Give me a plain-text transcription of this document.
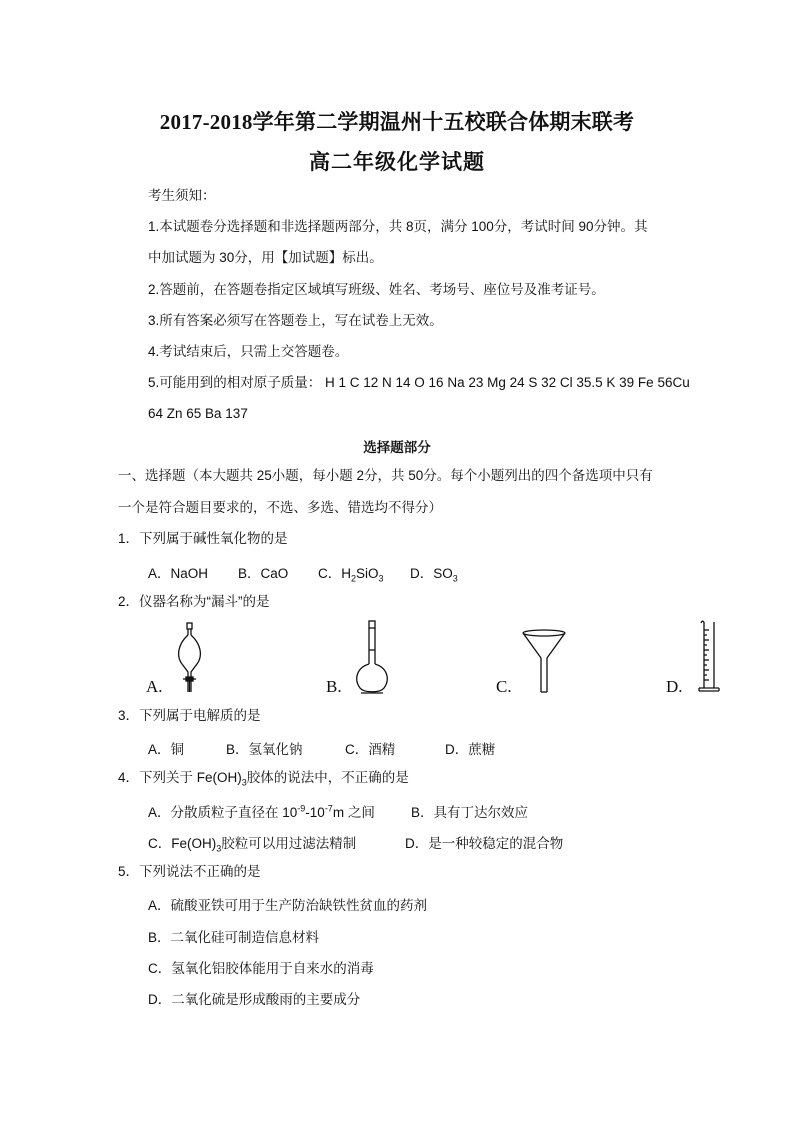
2017-2018学年第二学期温州十五校联合体期末联考
高二年级化学试题
考生须知：
1.本试题卷分选择题和非选择题两部分，共 8页，满分 100分，考试时间 90分钟。其
中加试题为 30分，用【加试题】标出。
2.答题前，在答题卷指定区域填写班级、姓名、考场号、座位号及准考证号。
3.所有答案必须写在答题卷上，写在试卷上无效。
4.考试结束后，只需上交答题卷。
5.可能用到的相对原子质量： H 1 C 12 N 14 O 16 Na 23 Mg 24 S 32 Cl 35.5 K 39 Fe 56Cu
64 Zn 65 Ba 137
选择题部分
一、选择题（本大题共 25小题，每小题 2分，共 50分。每个小题列出的四个备选项中只有
一个是符合题目要求的，不选、多选、错选均不得分）
1．下列属于碱性氧化物的是
A．NaOH B．CaO C．$H_2SiO_3$ D．$SO_3$
2．仪器名称为“漏斗”的是
A.	B.	C.	D.
3．下列属于电解质的是
A．铜	B．氢氧化钠	C．酒精	D．蔗糖
4．下列关于 $Fe(OH)_3$胶体的说法中，不正确的是
A．分散质粒子直径在 $10^{-9}-10^{-7}m$ 之间	B．具有丁达尔效应
C．$Fe(OH)_3$胶粒可以用过滤法精制	D．是一种较稳定的混合物
5．下列说法不正确的是
A．硫酸亚铁可用于生产防治缺铁性贫血的药剂
B．二氧化硅可制造信息材料
C．氢氧化铝胶体能用于自来水的消毒
D．二氧化硫是形成酸雨的主要成分
